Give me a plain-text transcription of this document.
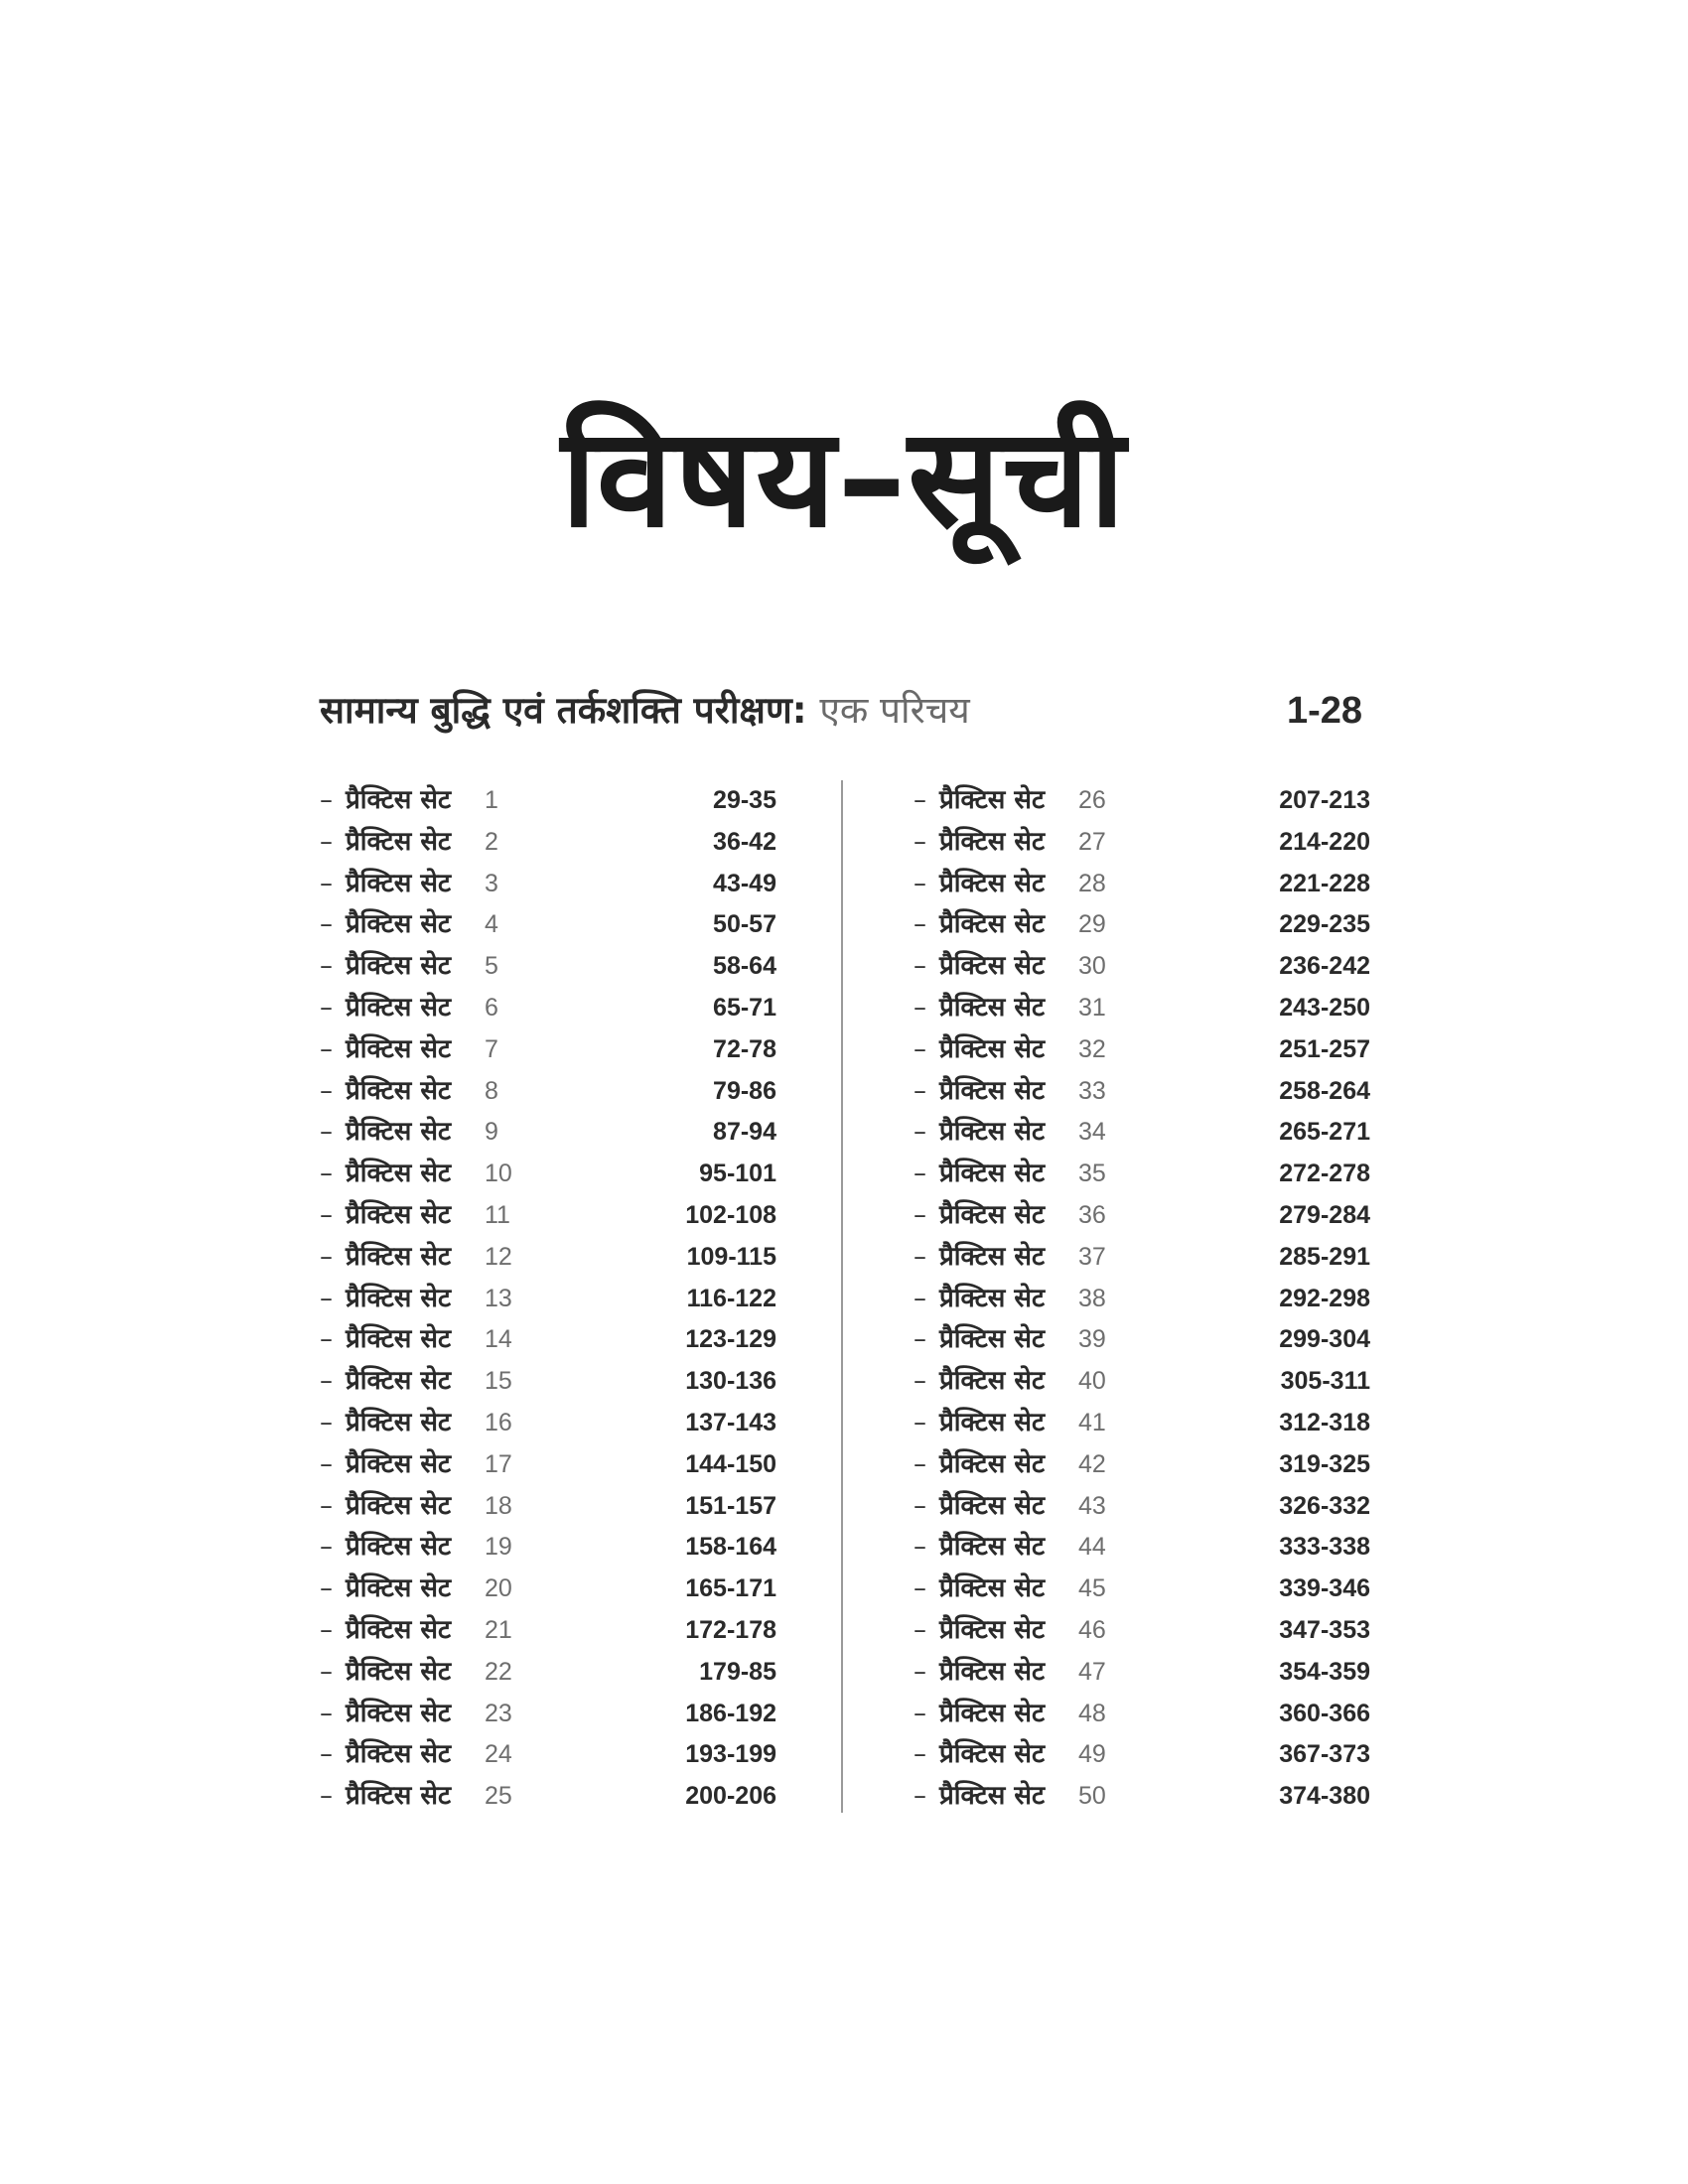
विषय–सूची
सामान्य बुद्धि एवं तर्कशक्ति परीक्षण: एक परिचय	1-28
– प्रैक्टिस सेट 1	29-35
– प्रैक्टिस सेट 2	36-42
– प्रैक्टिस सेट 3	43-49
– प्रैक्टिस सेट 4	50-57
– प्रैक्टिस सेट 5	58-64
– प्रैक्टिस सेट 6	65-71
– प्रैक्टिस सेट 7	72-78
– प्रैक्टिस सेट 8	79-86
– प्रैक्टिस सेट 9	87-94
– प्रैक्टिस सेट 10	95-101
– प्रैक्टिस सेट 11	102-108
– प्रैक्टिस सेट 12	109-115
– प्रैक्टिस सेट 13	116-122
– प्रैक्टिस सेट 14	123-129
– प्रैक्टिस सेट 15	130-136
– प्रैक्टिस सेट 16	137-143
– प्रैक्टिस सेट 17	144-150
– प्रैक्टिस सेट 18	151-157
– प्रैक्टिस सेट 19	158-164
– प्रैक्टिस सेट 20	165-171
– प्रैक्टिस सेट 21	172-178
– प्रैक्टिस सेट 22	179-85
– प्रैक्टिस सेट 23	186-192
– प्रैक्टिस सेट 24	193-199
– प्रैक्टिस सेट 25	200-206
– प्रैक्टिस सेट 26	207-213
– प्रैक्टिस सेट 27	214-220
– प्रैक्टिस सेट 28	221-228
– प्रैक्टिस सेट 29	229-235
– प्रैक्टिस सेट 30	236-242
– प्रैक्टिस सेट 31	243-250
– प्रैक्टिस सेट 32	251-257
– प्रैक्टिस सेट 33	258-264
– प्रैक्टिस सेट 34	265-271
– प्रैक्टिस सेट 35	272-278
– प्रैक्टिस सेट 36	279-284
– प्रैक्टिस सेट 37	285-291
– प्रैक्टिस सेट 38	292-298
– प्रैक्टिस सेट 39	299-304
– प्रैक्टिस सेट 40	305-311
– प्रैक्टिस सेट 41	312-318
– प्रैक्टिस सेट 42	319-325
– प्रैक्टिस सेट 43	326-332
– प्रैक्टिस सेट 44	333-338
– प्रैक्टिस सेट 45	339-346
– प्रैक्टिस सेट 46	347-353
– प्रैक्टिस सेट 47	354-359
– प्रैक्टिस सेट 48	360-366
– प्रैक्टिस सेट 49	367-373
– प्रैक्टिस सेट 50	374-380
